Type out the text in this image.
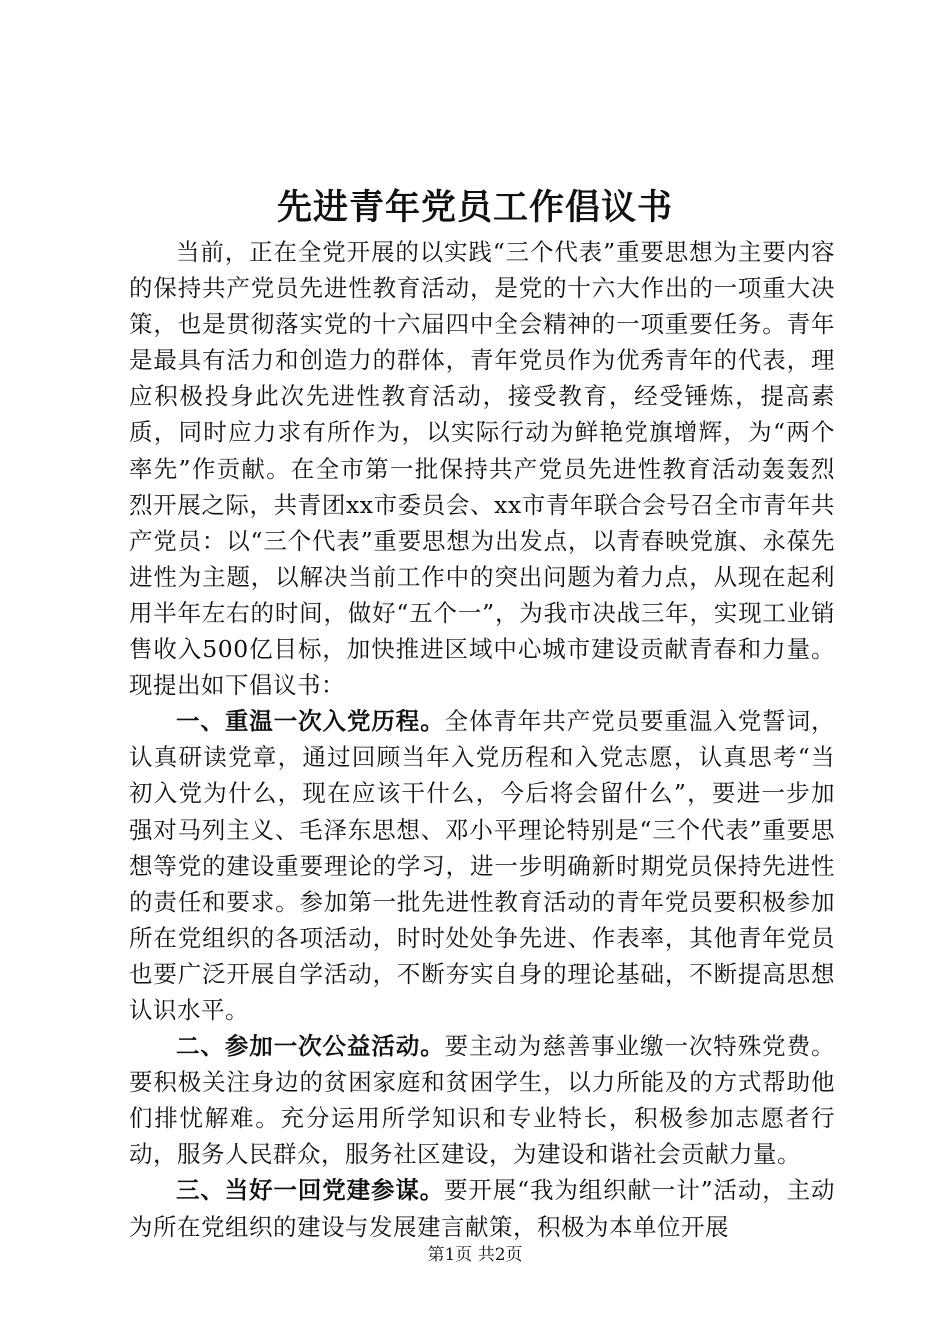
先进青年党员工作倡议书

当前，正在全党开展的以实践“三个代表”重要思想为主要内容的保持共产党员先进性教育活动，是党的十六大作出的一项重大决策，也是贯彻落实党的十六届四中全会精神的一项重要任务。青年是最具有活力和创造力的群体，青年党员作为优秀青年的代表，理应积极投身此次先进性教育活动，接受教育，经受锤炼，提高素质，同时应力求有所作为，以实际行动为鲜艳党旗增辉，为“两个率先”作贡献。在全市第一批保持共产党员先进性教育活动轰轰烈烈开展之际，共青团xx市委员会、xx市青年联合会号召全市青年共产党员：以“三个代表”重要思想为出发点，以青春映党旗、永葆先进性为主题，以解决当前工作中的突出问题为着力点，从现在起利用半年左右的时间，做好“五个一”，为我市决战三年，实现工业销售收入500亿目标，加快推进区域中心城市建设贡献青春和力量。现提出如下倡议书：

一、重温一次入党历程。全体青年共产党员要重温入党誓词，认真研读党章，通过回顾当年入党历程和入党志愿，认真思考“当初入党为什么，现在应该干什么，今后将会留什么”，要进一步加强对马列主义、毛泽东思想、邓小平理论特别是“三个代表”重要思想等党的建设重要理论的学习，进一步明确新时期党员保持先进性的责任和要求。参加第一批先进性教育活动的青年党员要积极参加所在党组织的各项活动，时时处处争先进、作表率，其他青年党员也要广泛开展自学活动，不断夯实自身的理论基础，不断提高思想认识水平。

二、参加一次公益活动。要主动为慈善事业缴一次特殊党费。要积极关注身边的贫困家庭和贫困学生，以力所能及的方式帮助他们排忧解难。充分运用所学知识和专业特长，积极参加志愿者行动，服务人民群众，服务社区建设，为建设和谐社会贡献力量。

三、当好一回党建参谋。要开展“我为组织献一计”活动，主动为所在党组织的建设与发展建言献策，积极为本单位开展

第1页 共2页
